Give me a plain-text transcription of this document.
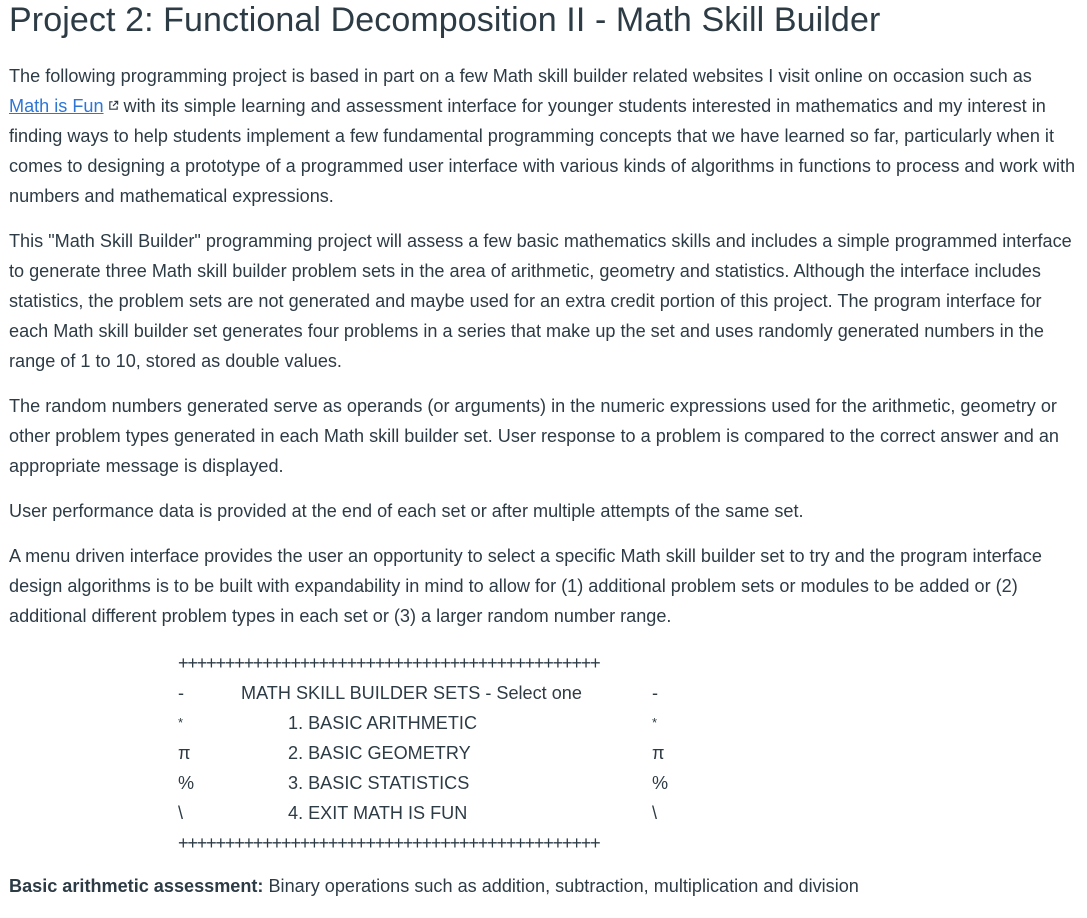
Project 2: Functional Decomposition II - Math Skill Builder

The following programming project is based in part on a few Math skill builder related websites I visit online on occasion such as Math is Fun with its simple learning and assessment interface for younger students interested in mathematics and my interest in finding ways to help students implement a few fundamental programming concepts that we have learned so far, particularly when it comes to designing a prototype of a programmed user interface with various kinds of algorithms in functions to process and work with numbers and mathematical expressions.

This "Math Skill Builder" programming project will assess a few basic mathematics skills and includes a simple programmed interface to generate three Math skill builder problem sets in the area of arithmetic, geometry and statistics. Although the interface includes statistics, the problem sets are not generated and maybe used for an extra credit portion of this project. The program interface for each Math skill builder set generates four problems in a series that make up the set and uses randomly generated numbers in the range of 1 to 10, stored as double values.

The random numbers generated serve as operands (or arguments) in the numeric expressions used for the arithmetic, geometry or other problem types generated in each Math skill builder set. User response to a problem is compared to the correct answer and an appropriate message is displayed.

User performance data is provided at the end of each set or after multiple attempts of the same set.

A menu driven interface provides the user an opportunity to select a specific Math skill builder set to try and the program interface design algorithms is to be built with expandability in mind to allow for (1) additional problem sets or modules to be added or (2) additional different problem types in each set or (3) a larger random number range.

+++++++++++++++++++++++++++++++++++++++++++++
-	MATH SKILL BUILDER SETS - Select one	-
*	1. BASIC ARITHMETIC	*
π	2. BASIC GEOMETRY	π
%	3. BASIC STATISTICS	%
\	4. EXIT MATH IS FUN	\
+++++++++++++++++++++++++++++++++++++++++++++

Basic arithmetic assessment: Binary operations such as addition, subtraction, multiplication and division
